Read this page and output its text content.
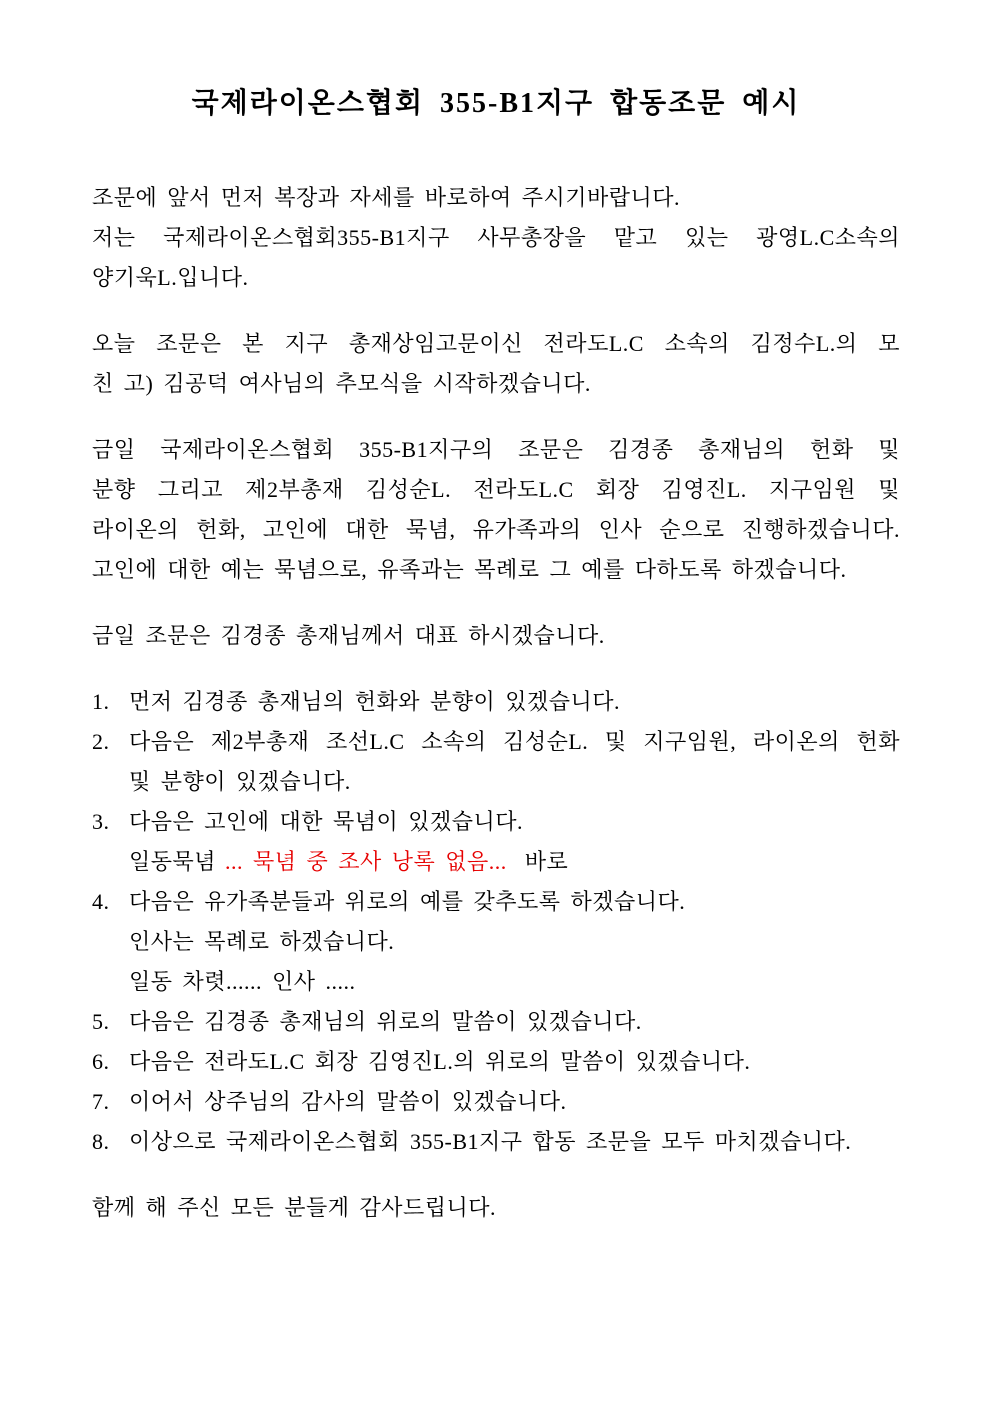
국제라이온스협회 355-B1지구 합동조문 예시
조문에 앞서 먼저 복장과 자세를 바로하여 주시기바랍니다.
저는 국제라이온스협회355-B1지구 사무총장을 맡고 있는 광영L.C소속의
양기욱L.입니다.
오늘 조문은 본 지구 총재상임고문이신 전라도L.C 소속의 김정수L.의 모
친 고) 김공덕 여사님의 추모식을 시작하겠습니다.
금일 국제라이온스협회 355-B1지구의 조문은 김경종 총재님의 헌화 및
분향 그리고 제2부총재 김성순L. 전라도L.C 회장 김영진L. 지구임원 및
라이온의 헌화, 고인에 대한 묵념, 유가족과의 인사 순으로 진행하겠습니다.
고인에 대한 예는 묵념으로, 유족과는 목례로 그 예를 다하도록 하겠습니다.
금일 조문은 김경종 총재님께서 대표 하시겠습니다.
1. 먼저 김경종 총재님의 헌화와 분향이 있겠습니다.
2. 다음은 제2부총재 조선L.C 소속의 김성순L. 및 지구임원, 라이온의 헌화
및 분향이 있겠습니다.
3. 다음은 고인에 대한 묵념이 있겠습니다.
일동묵념 ... 묵념 중 조사 낭록 없음... 바로
4. 다음은 유가족분들과 위로의 예를 갖추도록 하겠습니다.
인사는 목례로 하겠습니다.
일동 차렷...... 인사 .....
5. 다음은 김경종 총재님의 위로의 말씀이 있겠습니다.
6. 다음은 전라도L.C 회장 김영진L.의 위로의 말씀이 있겠습니다.
7. 이어서 상주님의 감사의 말씀이 있겠습니다.
8. 이상으로 국제라이온스협회 355-B1지구 합동 조문을 모두 마치겠습니다.
함께 해 주신 모든 분들게 감사드립니다.
